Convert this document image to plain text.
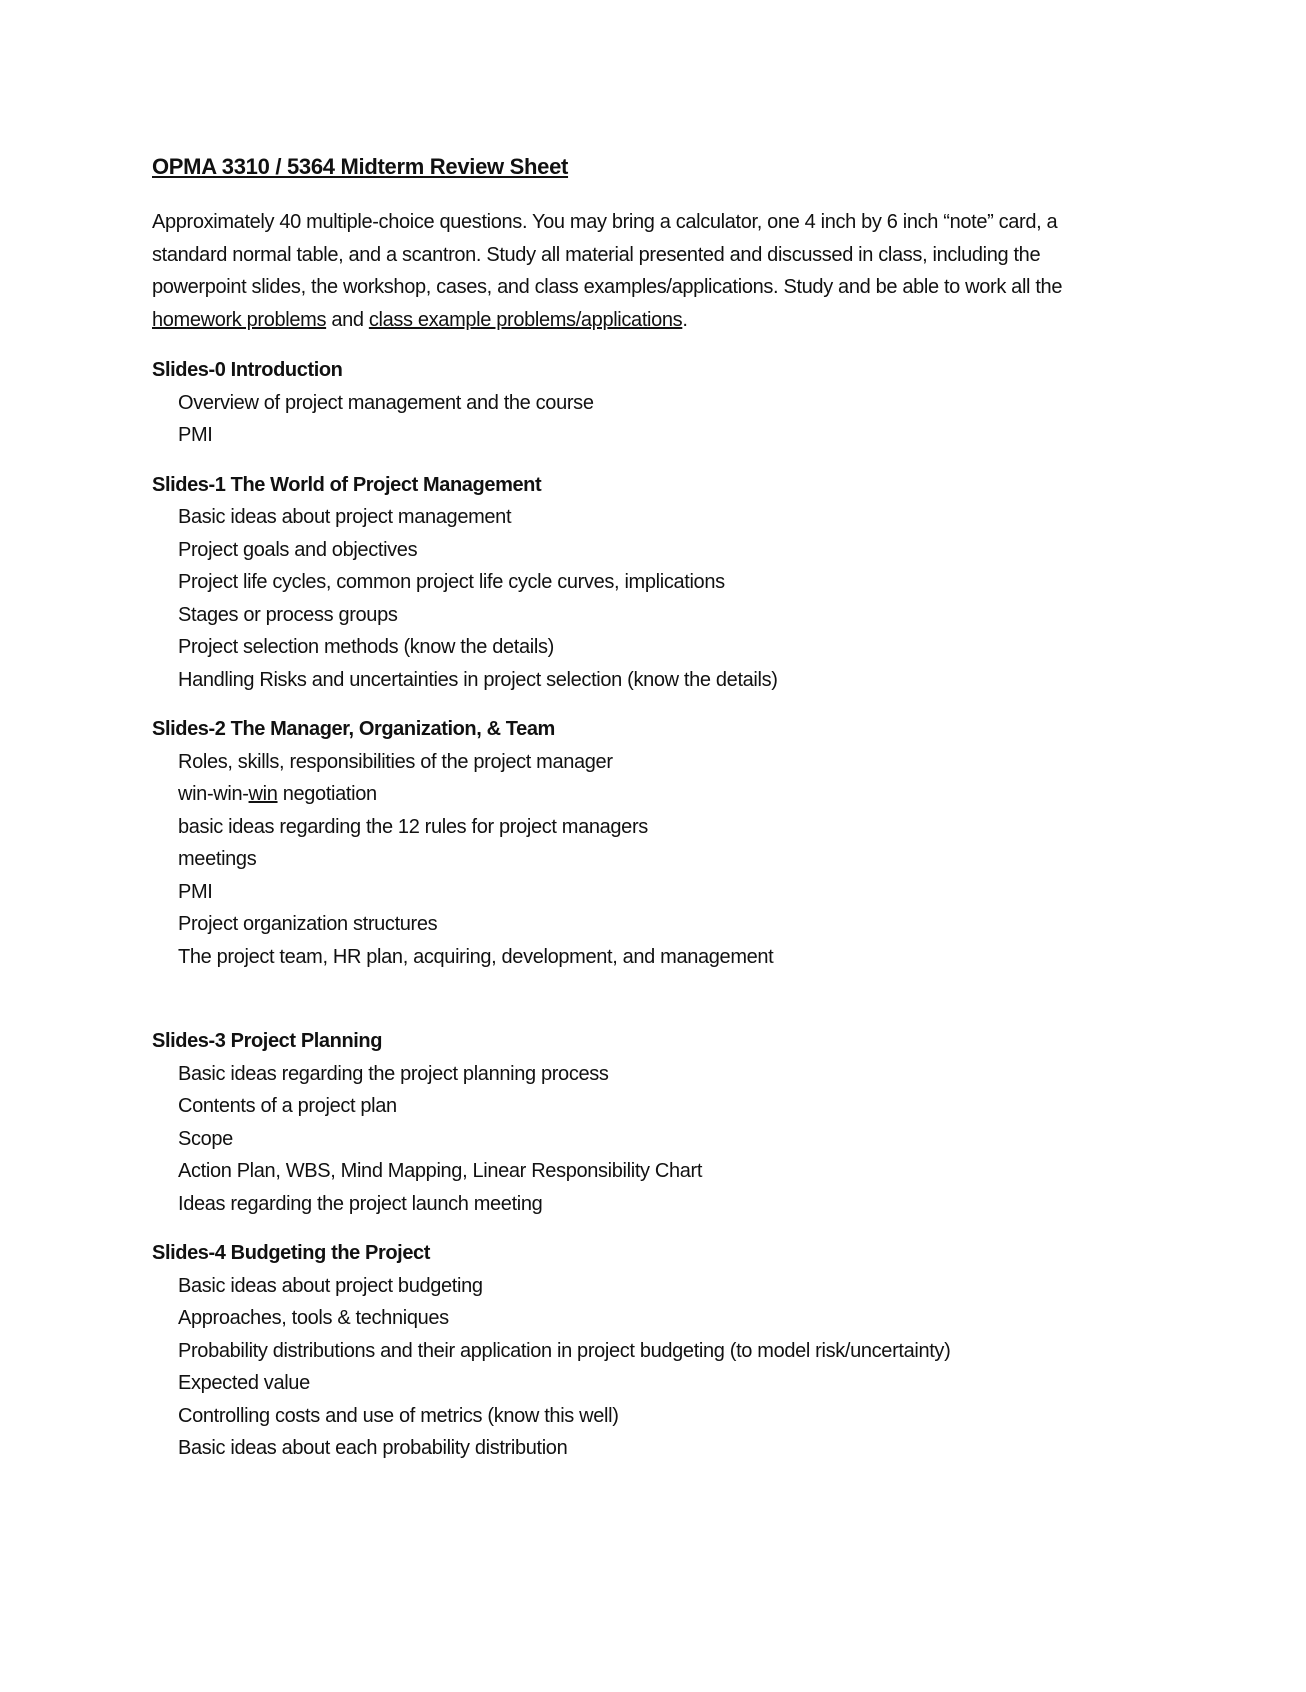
OPMA 3310 / 5364 Midterm Review Sheet

Approximately 40 multiple-choice questions. You may bring a calculator, one 4 inch by 6 inch “note” card, a standard normal table, and a scantron. Study all material presented and discussed in class, including the powerpoint slides, the workshop, cases, and class examples/applications. Study and be able to work all the homework problems and class example problems/applications.

Slides-0 Introduction
Overview of project management and the course
PMI
Slides-1 The World of Project Management
Basic ideas about project management
Project goals and objectives
Project life cycles, common project life cycle curves, implications
Stages or process groups
Project selection methods (know the details)
Handling Risks and uncertainties in project selection (know the details)
Slides-2 The Manager, Organization, & Team
Roles, skills, responsibilities of the project manager
win-win-win negotiation
basic ideas regarding the 12 rules for project managers
meetings
PMI
Project organization structures
The project team, HR plan, acquiring, development, and management
Slides-3 Project Planning
Basic ideas regarding the project planning process
Contents of a project plan
Scope
Action Plan, WBS, Mind Mapping, Linear Responsibility Chart
Ideas regarding the project launch meeting
Slides-4 Budgeting the Project
Basic ideas about project budgeting
Approaches, tools & techniques
Probability distributions and their application in project budgeting (to model risk/uncertainty)
Expected value
Controlling costs and use of metrics (know this well)
Basic ideas about each probability distribution
